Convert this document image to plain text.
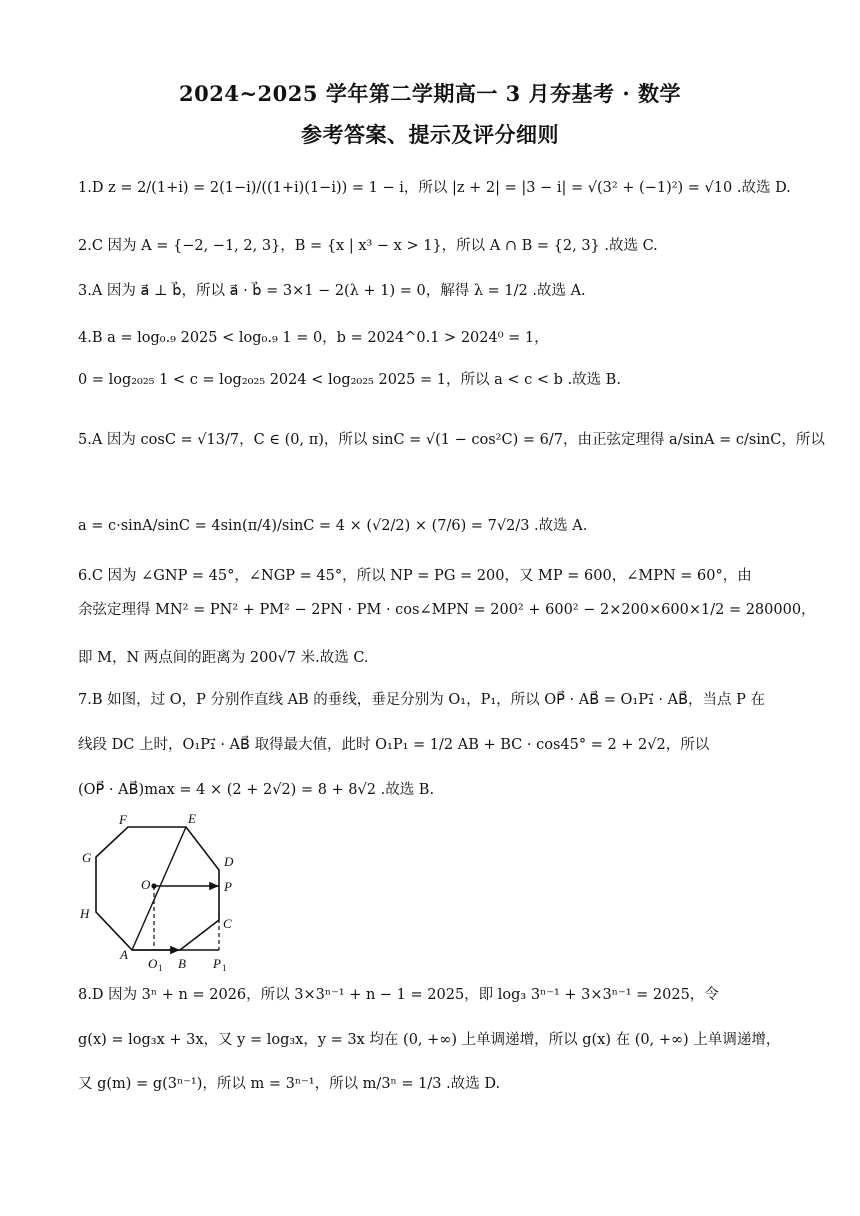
2024~2025 学年第二学期高一 3 月夯基考 · 数学
参考答案、提示及评分细则
1.D z = 2/(1+i) = 2(1−i)/((1+i)(1−i)) = 1 − i，所以 |z + 2| = |3 − i| = √(3² + (−1)²) = √10 .故选 D.
2.C 因为 A = {−2, −1, 2, 3}，B = {x | x³ − x > 1}，所以 A ∩ B = {2, 3} .故选 C.
3.A 因为 a⃗ ⊥ b⃗，所以 a⃗ · b⃗ = 3×1 − 2(λ + 1) = 0，解得 λ = 1/2 .故选 A.
4.B a = log₀.₉ 2025 < log₀.₉ 1 = 0，b = 2024^0.1 > 2024⁰ = 1，
0 = log₂₀₂₅ 1 < c = log₂₀₂₅ 2024 < log₂₀₂₅ 2025 = 1，所以 a < c < b .故选 B.
5.A 因为 cosC = √13/7，C ∈ (0, π)，所以 sinC = √(1 − cos²C) = 6/7，由正弦定理得 a/sinA = c/sinC，所以
a = c·sinA/sinC = 4sin(π/4)/sinC = 4 × (√2/2) × (7/6) = 7√2/3 .故选 A.
6.C 因为 ∠GNP = 45°，∠NGP = 45°，所以 NP = PG = 200，又 MP = 600，∠MPN = 60°，由
余弦定理得 MN² = PN² + PM² − 2PN · PM · cos∠MPN = 200² + 600² − 2×200×600×1/2 = 280000，
即 M，N 两点间的距离为 200√7 米.故选 C.
7.B 如图，过 O，P 分别作直线 AB 的垂线，垂足分别为 O₁，P₁，所以 OP⃗ · AB⃗ = O₁P₁⃗ · AB⃗，当点 P 在
线段 DC 上时，O₁P₁⃗ · AB⃗ 取得最大值，此时 O₁P₁ = 1/2 AB + BC · cos45° = 2 + 2√2，所以
(OP⃗ · AB⃗)max = 4 × (2 + 2√2) = 8 + 8√2 .故选 B.
A
B
C
D
E
F
G
H
O	P
O 1	P 1
8.D 因为 3ⁿ + n = 2026，所以 3×3ⁿ⁻¹ + n − 1 = 2025，即 log₃ 3ⁿ⁻¹ + 3×3ⁿ⁻¹ = 2025，令
g(x) = log₃x + 3x，又 y = log₃x，y = 3x 均在 (0, +∞) 上单调递增，所以 g(x) 在 (0, +∞) 上单调递增，
又 g(m) = g(3ⁿ⁻¹)，所以 m = 3ⁿ⁻¹，所以 m/3ⁿ = 1/3 .故选 D.
